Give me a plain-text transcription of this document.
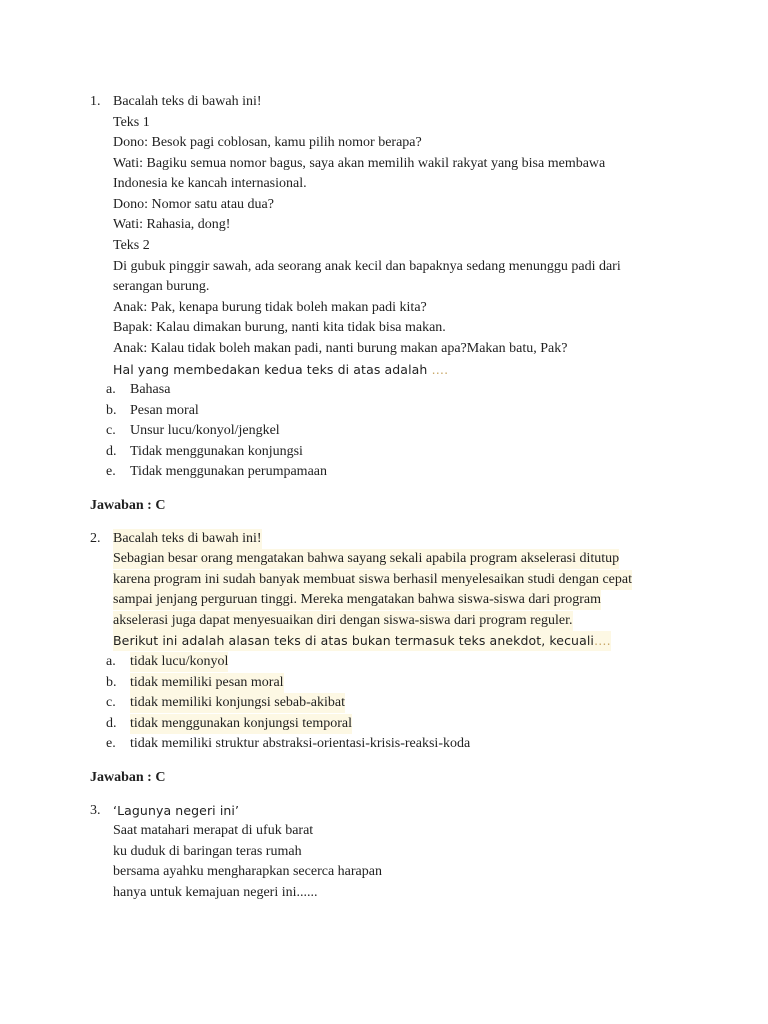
1. Bacalah teks di bawah ini!
Teks 1
Dono: Besok pagi coblosan, kamu pilih nomor berapa?
Wati: Bagiku semua nomor bagus, saya akan memilih wakil rakyat yang bisa membawa
Indonesia ke kancah internasional.
Dono: Nomor satu atau dua?
Wati: Rahasia, dong!
Teks 2
Di gubuk pinggir sawah, ada seorang anak kecil dan bapaknya sedang menunggu padi dari
serangan burung.
Anak: Pak, kenapa burung tidak boleh makan padi kita?
Bapak: Kalau dimakan burung, nanti kita tidak bisa makan.
Anak: Kalau tidak boleh makan padi, nanti burung makan apa?Makan batu, Pak?
Hal yang membedakan kedua teks di atas adalah ….
a. Bahasa
b. Pesan moral
c. Unsur lucu/konyol/jengkel
d. Tidak menggunakan konjungsi
e. Tidak menggunakan perumpamaan
Jawaban : C
2. Bacalah teks di bawah ini!
Sebagian besar orang mengatakan bahwa sayang sekali apabila program akselerasi ditutup
karena program ini sudah banyak membuat siswa berhasil menyelesaikan studi dengan cepat
sampai jenjang perguruan tinggi. Mereka mengatakan bahwa siswa-siswa dari program
akselerasi juga dapat menyesuaikan diri dengan siswa-siswa dari program reguler.
Berikut ini adalah alasan teks di atas bukan termasuk teks anekdot, kecuali….
a. tidak lucu/konyol
b. tidak memiliki pesan moral
c. tidak memiliki konjungsi sebab-akibat
d. tidak menggunakan konjungsi temporal
e. tidak memiliki struktur abstraksi-orientasi-krisis-reaksi-koda
Jawaban : C
3. ‘Lagunya negeri ini’
Saat matahari merapat di ufuk barat
ku duduk di baringan teras rumah
bersama ayahku mengharapkan secerca harapan
hanya untuk kemajuan negeri ini......
